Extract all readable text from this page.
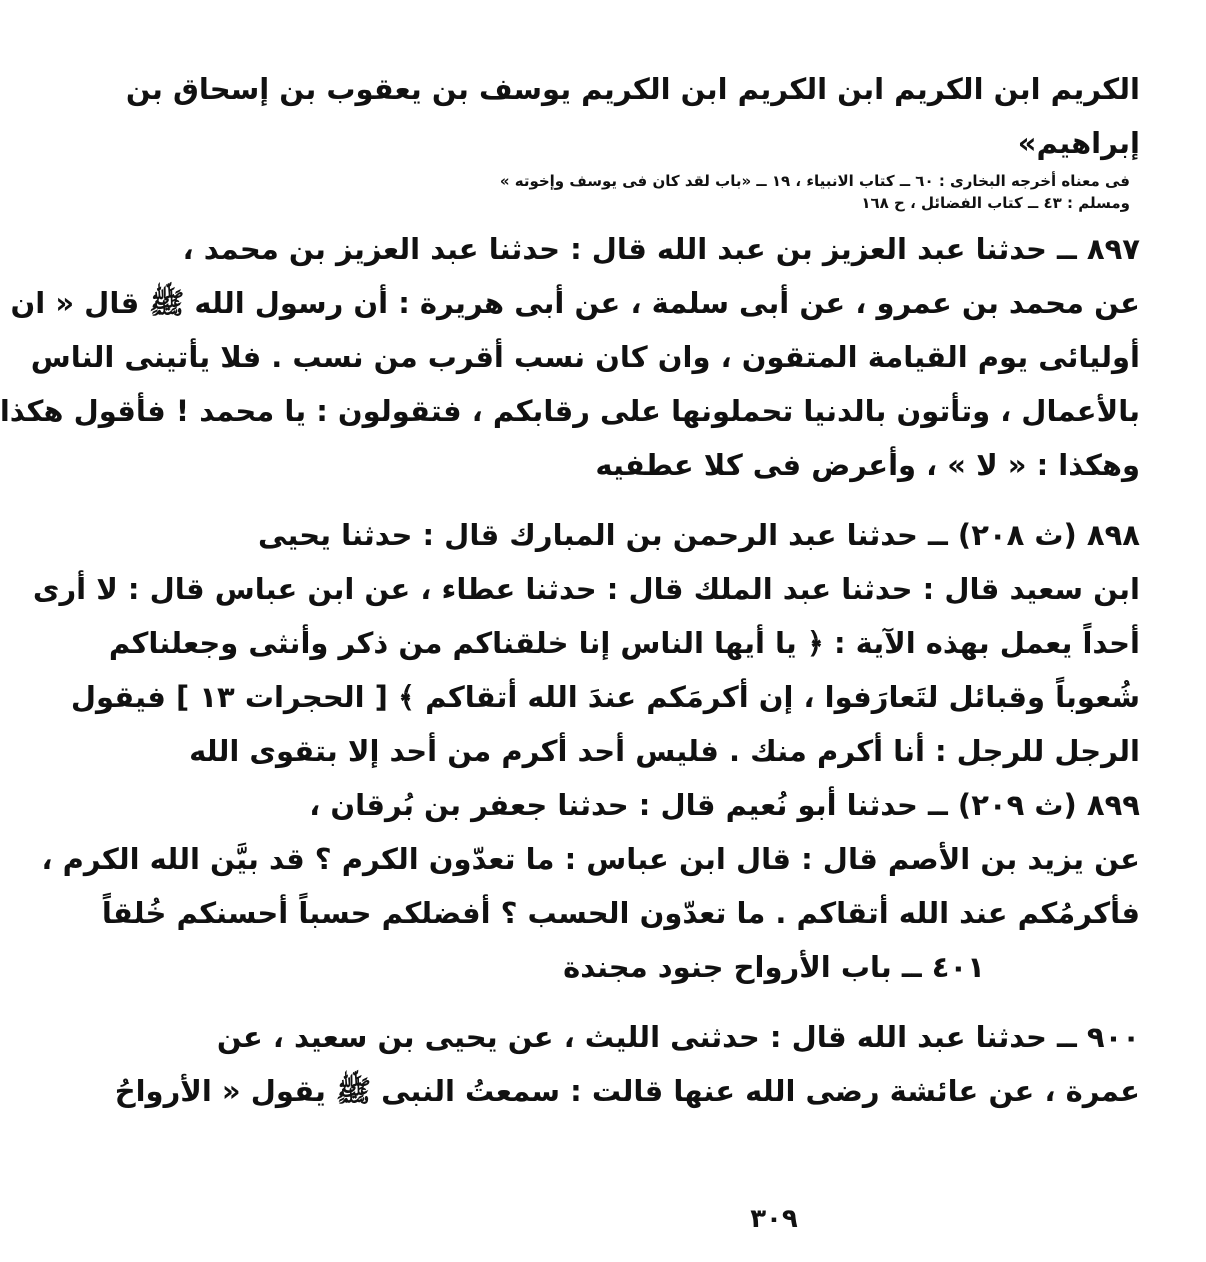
الكريم ابن الكريم ابن الكريم ابن الكريم يوسف بن يعقوب بن إسحاق بن
إبراهيم»
فى معناه أخرجه البخارى : ٦٠ ــ كتاب الانبياء ، ١٩ ــ «باب لقد كان فى يوسف وإخوته »
ومسلم : ٤٣ ــ كتاب الفضائل ، ح ١٦٨
٨٩٧ ــ حدثنا عبد العزيز بن عبد الله قال : حدثنا عبد العزيز بن محمد ،
عن محمد بن عمرو ، عن أبى سلمة ، عن أبى هريرة : أن رسول الله ﷺ قال « ان
أوليائى يوم القيامة المتقون ، وان كان نسب أقرب من نسب . فلا يأتينى الناس
بالأعمال ، وتأتون بالدنيا تحملونها على رقابكم ، فتقولون : يا محمد ! فأقول هكذا
وهكذا : « لا » ، وأعرض فى كلا عطفيه
٨٩٨ (ث ٢٠٨) ــ حدثنا عبد الرحمن بن المبارك قال : حدثنا يحيى
ابن سعيد قال : حدثنا عبد الملك قال : حدثنا عطاء ، عن ابن عباس قال : لا أرى
أحداً يعمل بهذه الآية : ﴿ يا أيها الناس إنا خلقناكم من ذكر وأنثى وجعلناكم
شُعوباً وقبائل لتَعارَفوا ، إن أكرمَكم عندَ الله أتقاكم ﴾ [ الحجرات ١٣ ] فيقول
الرجل للرجل : أنا أكرم منك . فليس أحد أكرم من أحد إلا بتقوى الله
٨٩٩ (ث ٢٠٩) ــ حدثنا أبو نُعيم قال : حدثنا جعفر بن بُرقان ،
عن يزيد بن الأصم قال : قال ابن عباس : ما تعدّون الكرم ؟ قد بيَّن الله الكرم ،
فأكرمُكم عند الله أتقاكم . ما تعدّون الحسب ؟ أفضلكم حسباً أحسنكم خُلقاً
٤٠١ ــ باب الأرواح جنود مجندة
٩٠٠ ــ حدثنا عبد الله قال : حدثنى الليث ، عن يحيى بن سعيد ، عن
عمرة ، عن عائشة رضى الله عنها قالت : سمعتُ النبى ﷺ يقول « الأرواحُ
٣٠٩
